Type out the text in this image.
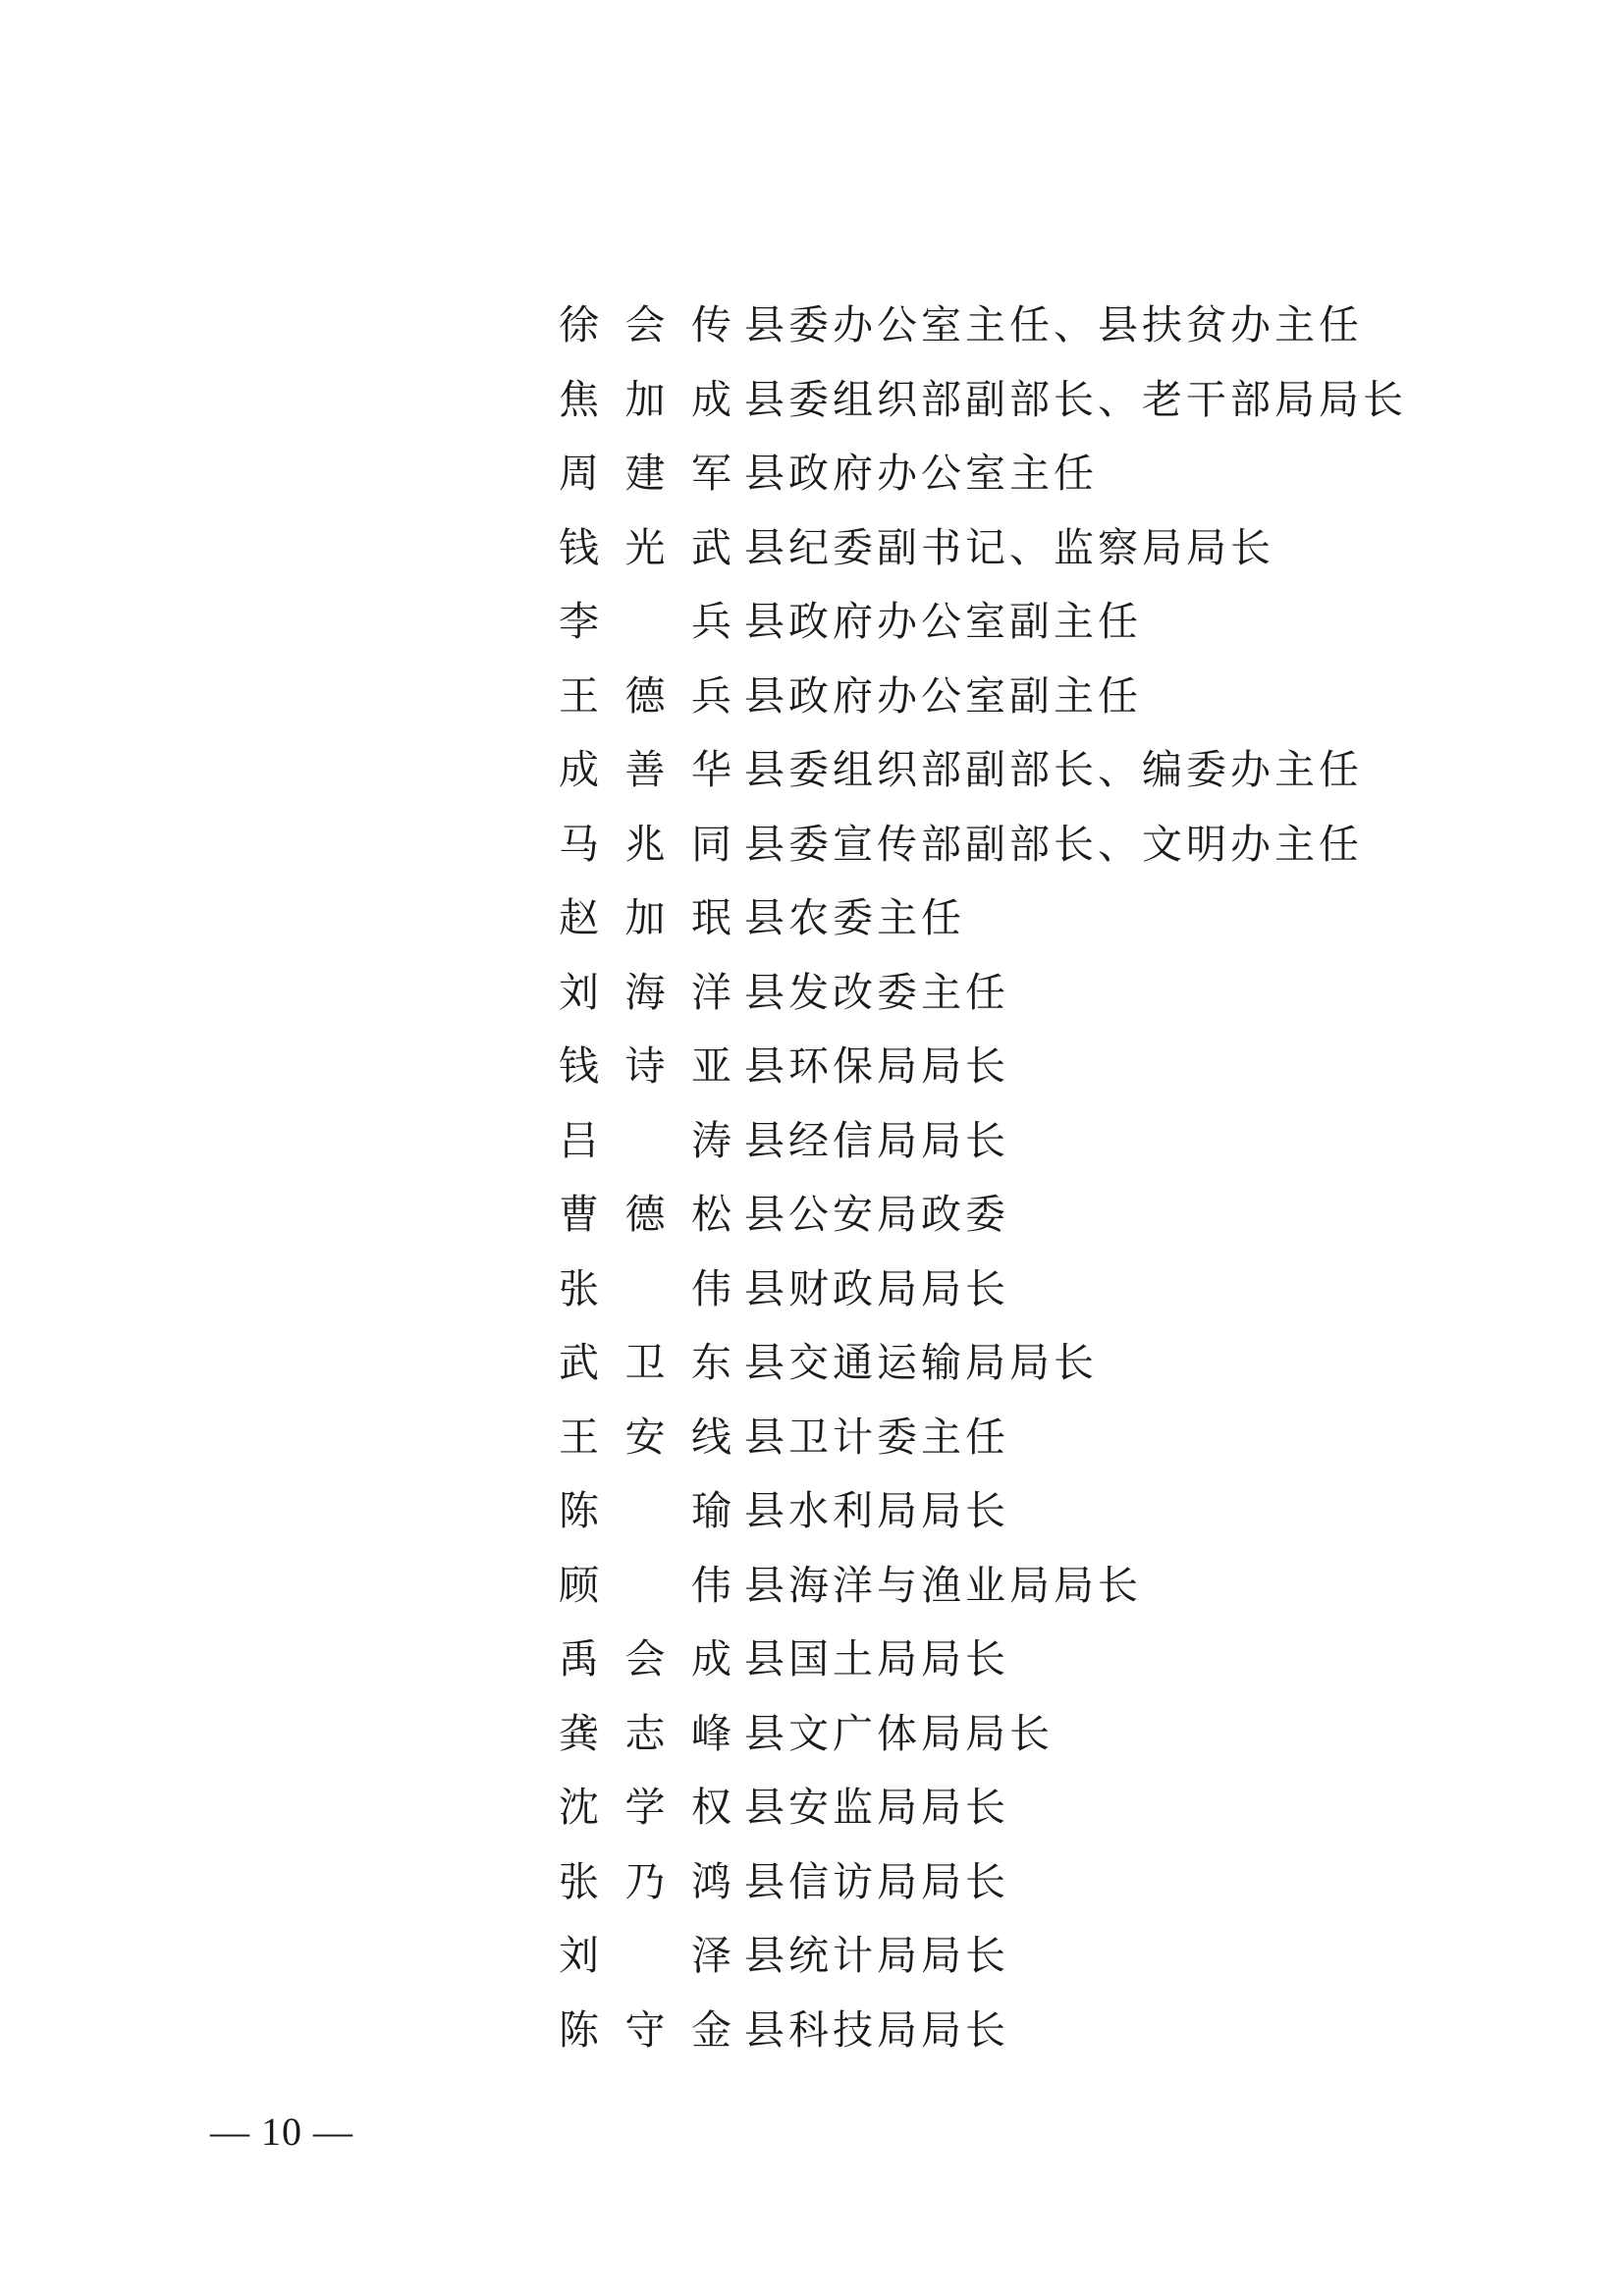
徐 会 传 县委办公室主任、县扶贫办主任
焦 加 成 县委组织部副部长、老干部局局长
周 建 军 县政府办公室主任
钱 光 武 县纪委副书记、监察局局长
李 兵 县政府办公室副主任
王 德 兵 县政府办公室副主任
成 善 华 县委组织部副部长、编委办主任
马 兆 同 县委宣传部副部长、文明办主任
赵 加 珉 县农委主任
刘 海 洋 县发改委主任
钱 诗 亚 县环保局局长
吕 涛 县经信局局长
曹 德 松 县公安局政委
张 伟 县财政局局长
武 卫 东 县交通运输局局长
王 安 线 县卫计委主任
陈 瑜 县水利局局长
顾 伟 县海洋与渔业局局长
禹 会 成 县国土局局长
龚 志 峰 县文广体局局长
沈 学 权 县安监局局长
张 乃 鸿 县信访局局长
刘 泽 县统计局局长
陈 守 金 县科技局局长
— 10 —
